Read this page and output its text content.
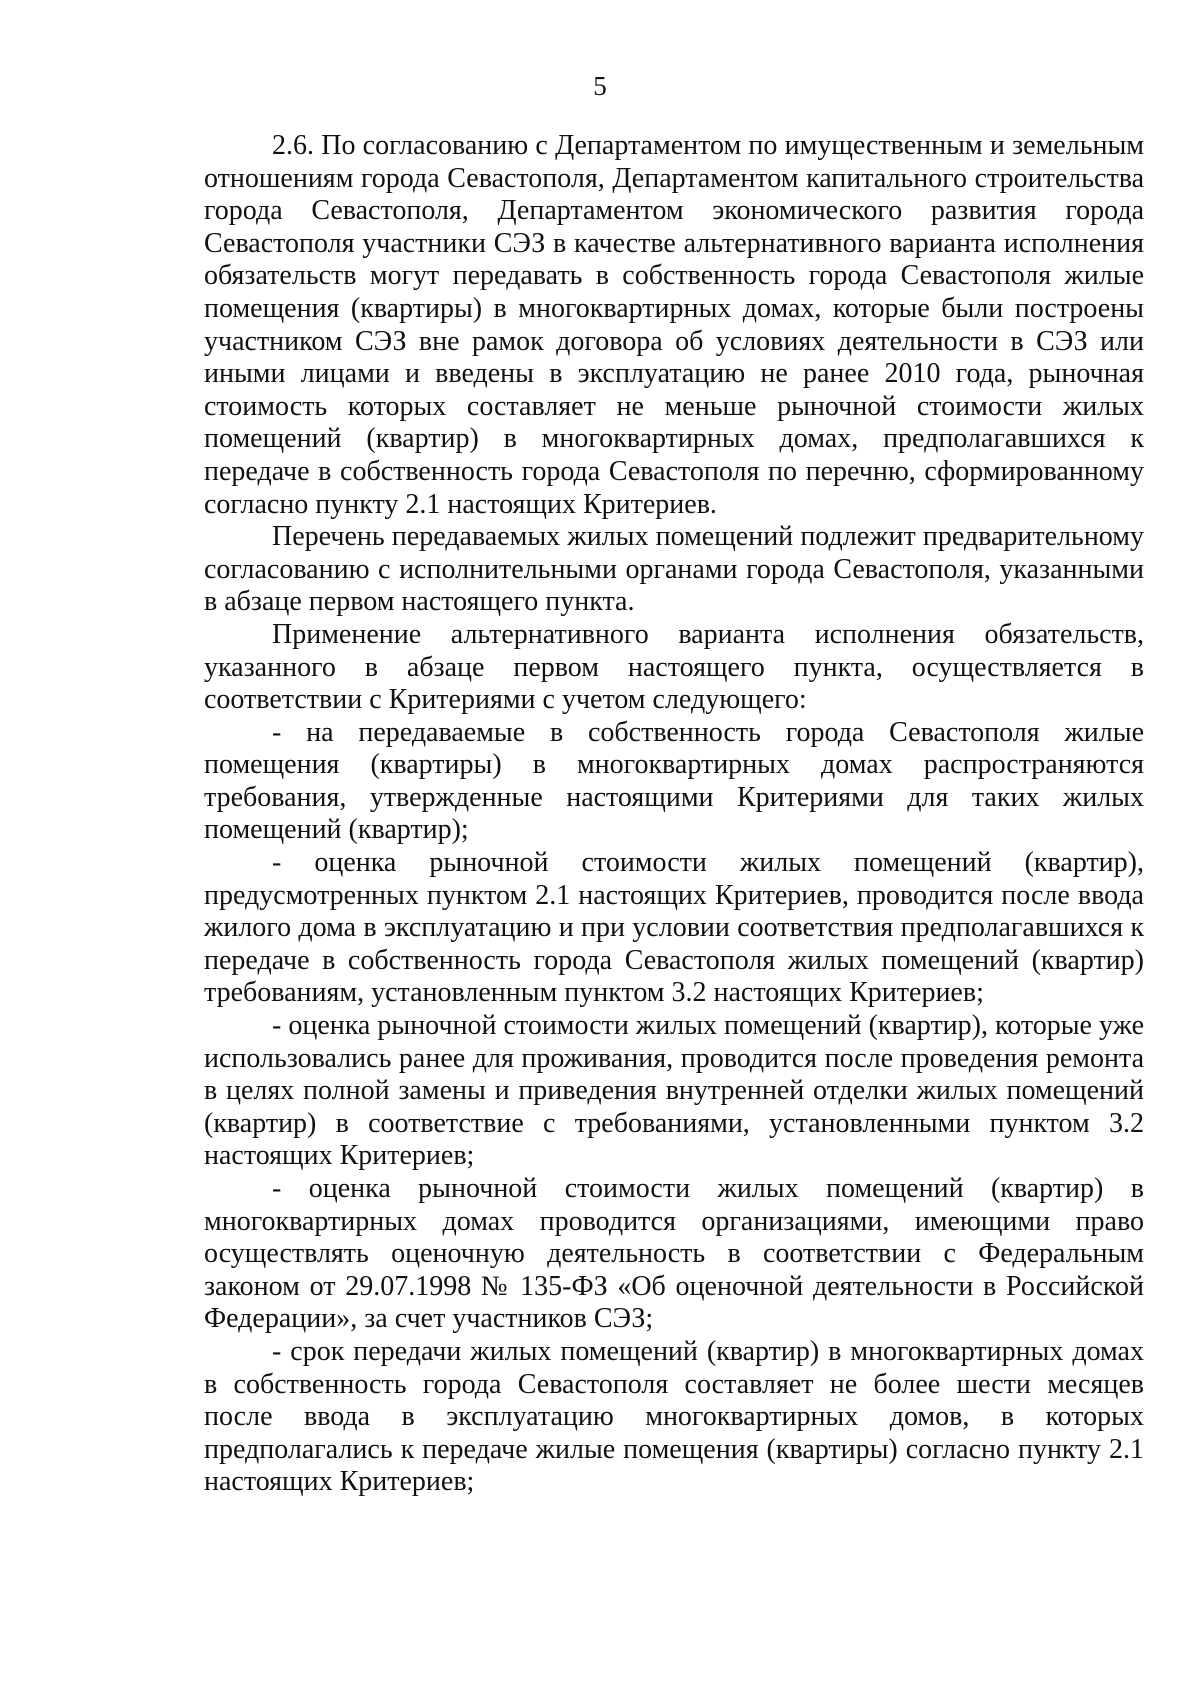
5

2.6. По согласованию с Департаментом по имущественным и земельным отношениям города Севастополя, Департаментом капитального строительства города Севастополя, Департаментом экономического развития города Севастополя участники СЭЗ в качестве альтернативного варианта исполнения обязательств могут передавать в собственность города Севастополя жилые помещения (квартиры) в многоквартирных домах, которые были построены участником СЭЗ вне рамок договора об условиях деятельности в СЭЗ или иными лицами и введены в эксплуатацию не ранее 2010 года, рыночная стоимость которых составляет не меньше рыночной стоимости жилых помещений (квартир) в многоквартирных домах, предполагавшихся к передаче в собственность города Севастополя по перечню, сформированному согласно пункту 2.1 настоящих Критериев.

Перечень передаваемых жилых помещений подлежит предварительному согласованию с исполнительными органами города Севастополя, указанными в абзаце первом настоящего пункта.

Применение альтернативного варианта исполнения обязательств, указанного в абзаце первом настоящего пункта, осуществляется в соответствии с Критериями с учетом следующего:

- на передаваемые в собственность города Севастополя жилые помещения (квартиры) в многоквартирных домах распространяются требования, утвержденные настоящими Критериями для таких жилых помещений (квартир);

- оценка рыночной стоимости жилых помещений (квартир), предусмотренных пунктом 2.1 настоящих Критериев, проводится после ввода жилого дома в эксплуатацию и при условии соответствия предполагавшихся к передаче в собственность города Севастополя жилых помещений (квартир) требованиям, установленным пунктом 3.2 настоящих Критериев;

- оценка рыночной стоимости жилых помещений (квартир), которые уже использовались ранее для проживания, проводится после проведения ремонта в целях полной замены и приведения внутренней отделки жилых помещений (квартир) в соответствие с требованиями, установленными пунктом 3.2 настоящих Критериев;

- оценка рыночной стоимости жилых помещений (квартир) в многоквартирных домах проводится организациями, имеющими право осуществлять оценочную деятельность в соответствии с Федеральным законом от 29.07.1998 № 135-ФЗ «Об оценочной деятельности в Российской Федерации», за счет участников СЭЗ;

- срок передачи жилых помещений (квартир) в многоквартирных домах в собственность города Севастополя составляет не более шести месяцев после ввода в эксплуатацию многоквартирных домов, в которых предполагались к передаче жилые помещения (квартиры) согласно пункту 2.1 настоящих Критериев;
